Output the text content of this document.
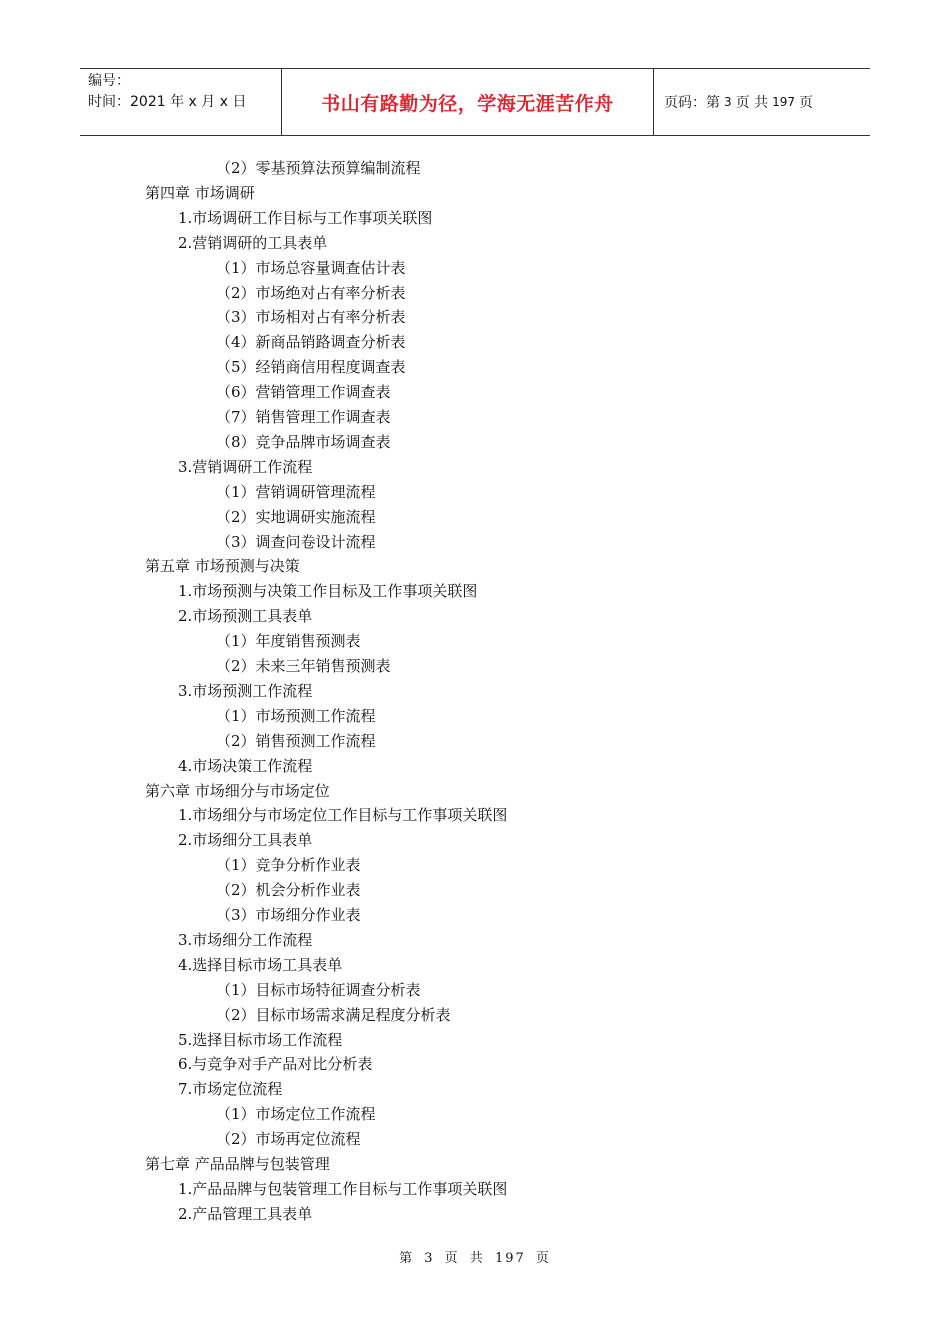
编号：
时间：2021 年 x 月 x 日	书山有路勤为径，学海无涯苦作舟	页码：第 3 页 共 197 页
（2）零基预算法预算编制流程
第四章 市场调研
1.市场调研工作目标与工作事项关联图
2.营销调研的工具表单
（1）市场总容量调查估计表
（2）市场绝对占有率分析表
（3）市场相对占有率分析表
（4）新商品销路调查分析表
（5）经销商信用程度调查表
（6）营销管理工作调查表
（7）销售管理工作调查表
（8）竞争品牌市场调查表
3.营销调研工作流程
（1）营销调研管理流程
（2）实地调研实施流程
（3）调查问卷设计流程
第五章 市场预测与决策
1.市场预测与决策工作目标及工作事项关联图
2.市场预测工具表单
（1）年度销售预测表
（2）未来三年销售预测表
3.市场预测工作流程
（1）市场预测工作流程
（2）销售预测工作流程
4.市场决策工作流程
第六章 市场细分与市场定位
1.市场细分与市场定位工作目标与工作事项关联图
2.市场细分工具表单
（1）竞争分析作业表
（2）机会分析作业表
（3）市场细分作业表
3.市场细分工作流程
4.选择目标市场工具表单
（1）目标市场特征调查分析表
（2）目标市场需求满足程度分析表
5.选择目标市场工作流程
6.与竞争对手产品对比分析表
7.市场定位流程
（1）市场定位工作流程
（2）市场再定位流程
第七章 产品品牌与包装管理
1.产品品牌与包装管理工作目标与工作事项关联图
2.产品管理工具表单
第 3 页 共 197 页
